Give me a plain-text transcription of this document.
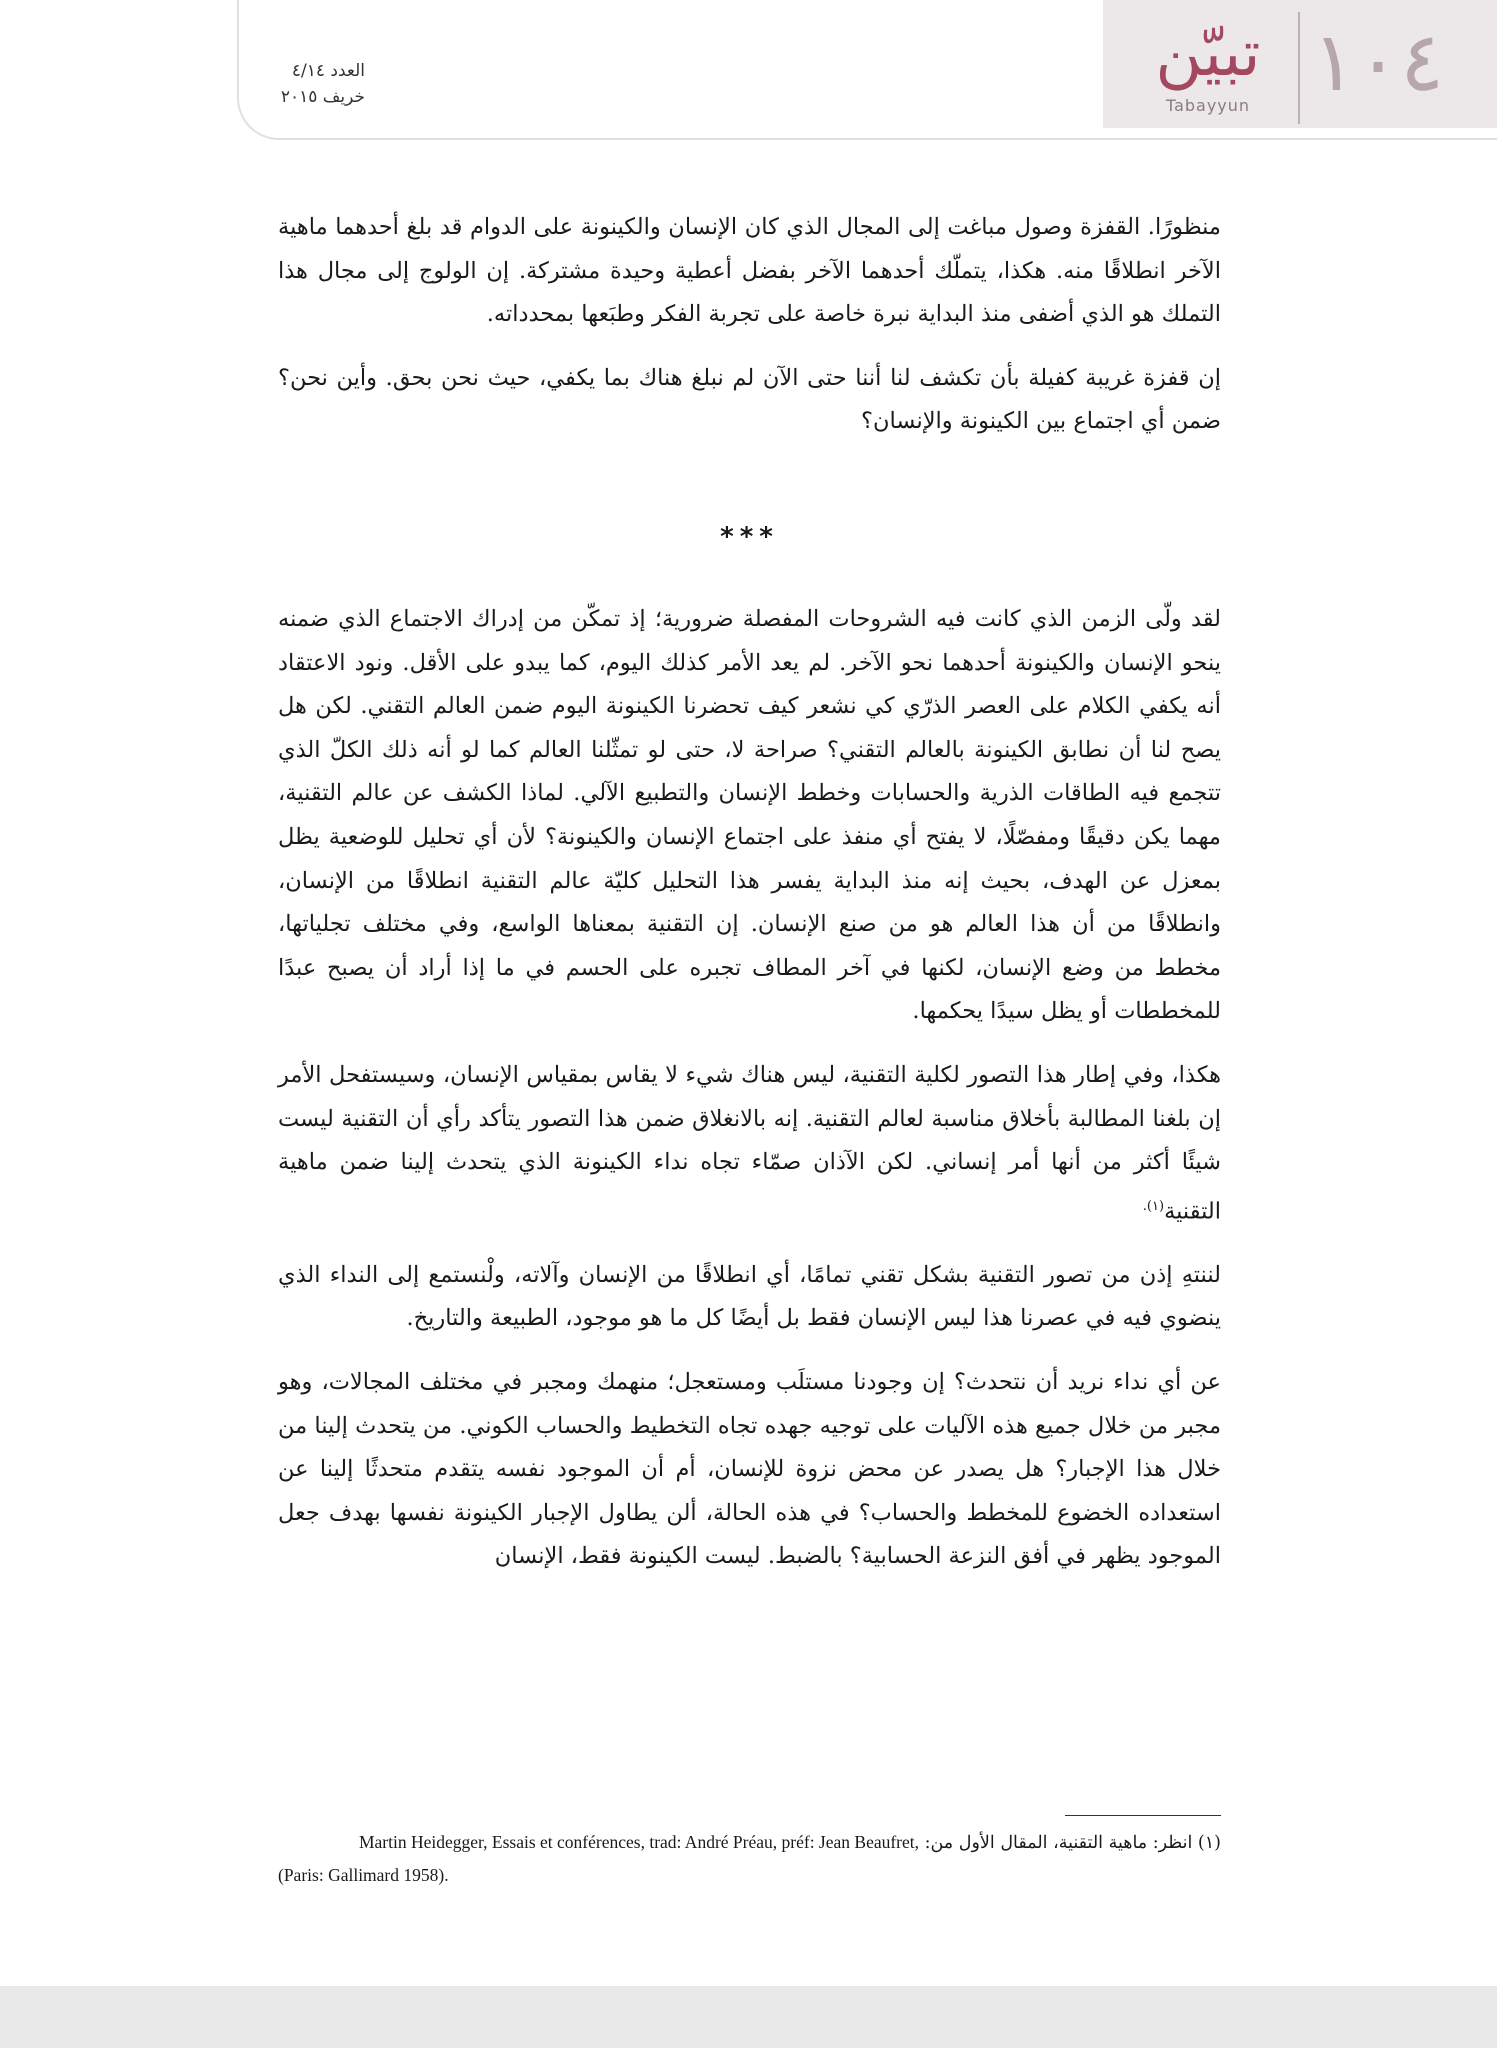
١٠٤
تبيّن
Tabayyun
العدد ٤/١٤
خريف ٢٠١٥

منظورًا. القفزة وصول مباغت إلى المجال الذي كان الإنسان والكينونة على الدوام قد بلغ أحدهما ماهية الآخر انطلاقًا منه. هكذا، يتملّك أحدهما الآخر بفضل أعطية وحيدة مشتركة. إن الولوج إلى مجال هذا التملك هو الذي أضفى منذ البداية نبرة خاصة على تجربة الفكر وطبَعها بمحدداته.

إن قفزة غريبة كفيلة بأن تكشف لنا أننا حتى الآن لم نبلغ هناك بما يكفي، حيث نحن بحق. وأين نحن؟ ضمن أي اجتماع بين الكينونة والإنسان؟

***

لقد ولّى الزمن الذي كانت فيه الشروحات المفصلة ضرورية؛ إذ تمكّن من إدراك الاجتماع الذي ضمنه ينحو الإنسان والكينونة أحدهما نحو الآخر. لم يعد الأمر كذلك اليوم، كما يبدو على الأقل. ونود الاعتقاد أنه يكفي الكلام على العصر الذرّي كي نشعر كيف تحضرنا الكينونة اليوم ضمن العالم التقني. لكن هل يصح لنا أن نطابق الكينونة بالعالم التقني؟ صراحة لا، حتى لو تمثّلنا العالم كما لو أنه ذلك الكلّ الذي تتجمع فيه الطاقات الذرية والحسابات وخطط الإنسان والتطبيع الآلي. لماذا الكشف عن عالم التقنية، مهما يكن دقيقًا ومفصّلًا، لا يفتح أي منفذ على اجتماع الإنسان والكينونة؟ لأن أي تحليل للوضعية يظل بمعزل عن الهدف، بحيث إنه منذ البداية يفسر هذا التحليل كليّة عالم التقنية انطلاقًا من الإنسان، وانطلاقًا من أن هذا العالم هو من صنع الإنسان. إن التقنية بمعناها الواسع، وفي مختلف تجلياتها، مخطط من وضع الإنسان، لكنها في آخر المطاف تجبره على الحسم في ما إذا أراد أن يصبح عبدًا للمخططات أو يظل سيدًا يحكمها.

هكذا، وفي إطار هذا التصور لكلية التقنية، ليس هناك شيء لا يقاس بمقياس الإنسان، وسيستفحل الأمر إن بلغنا المطالبة بأخلاق مناسبة لعالم التقنية. إنه بالانغلاق ضمن هذا التصور يتأكد رأي أن التقنية ليست شيئًا أكثر من أنها أمر إنساني. لكن الآذان صمّاء تجاه نداء الكينونة الذي يتحدث إلينا ضمن ماهية التقنية$^{(١).}$

لننتهِ إذن من تصور التقنية بشكل تقني تمامًا، أي انطلاقًا من الإنسان وآلاته، ولْنستمع إلى النداء الذي ينضوي فيه في عصرنا هذا ليس الإنسان فقط بل أيضًا كل ما هو موجود، الطبيعة والتاريخ.

عن أي نداء نريد أن نتحدث؟ إن وجودنا مستلَب ومستعجل؛ منهمك ومجبر في مختلف المجالات، وهو مجبر من خلال جميع هذه الآليات على توجيه جهده تجاه التخطيط والحساب الكوني. من يتحدث إلينا من خلال هذا الإجبار؟ هل يصدر عن محض نزوة للإنسان، أم أن الموجود نفسه يتقدم متحدثًا إلينا عن استعداده الخضوع للمخطط والحساب؟ في هذه الحالة، ألن يطاول الإجبار الكينونة نفسها بهدف جعل الموجود يظهر في أفق النزعة الحسابية؟ بالضبط. ليست الكينونة فقط، الإنسان

(١) انظر: ماهية التقنية، المقال الأول من: Martin Heidegger, Essais et conférences, trad: André Préau, préf: Jean Beaufret,
(Paris: Gallimard 1958).
